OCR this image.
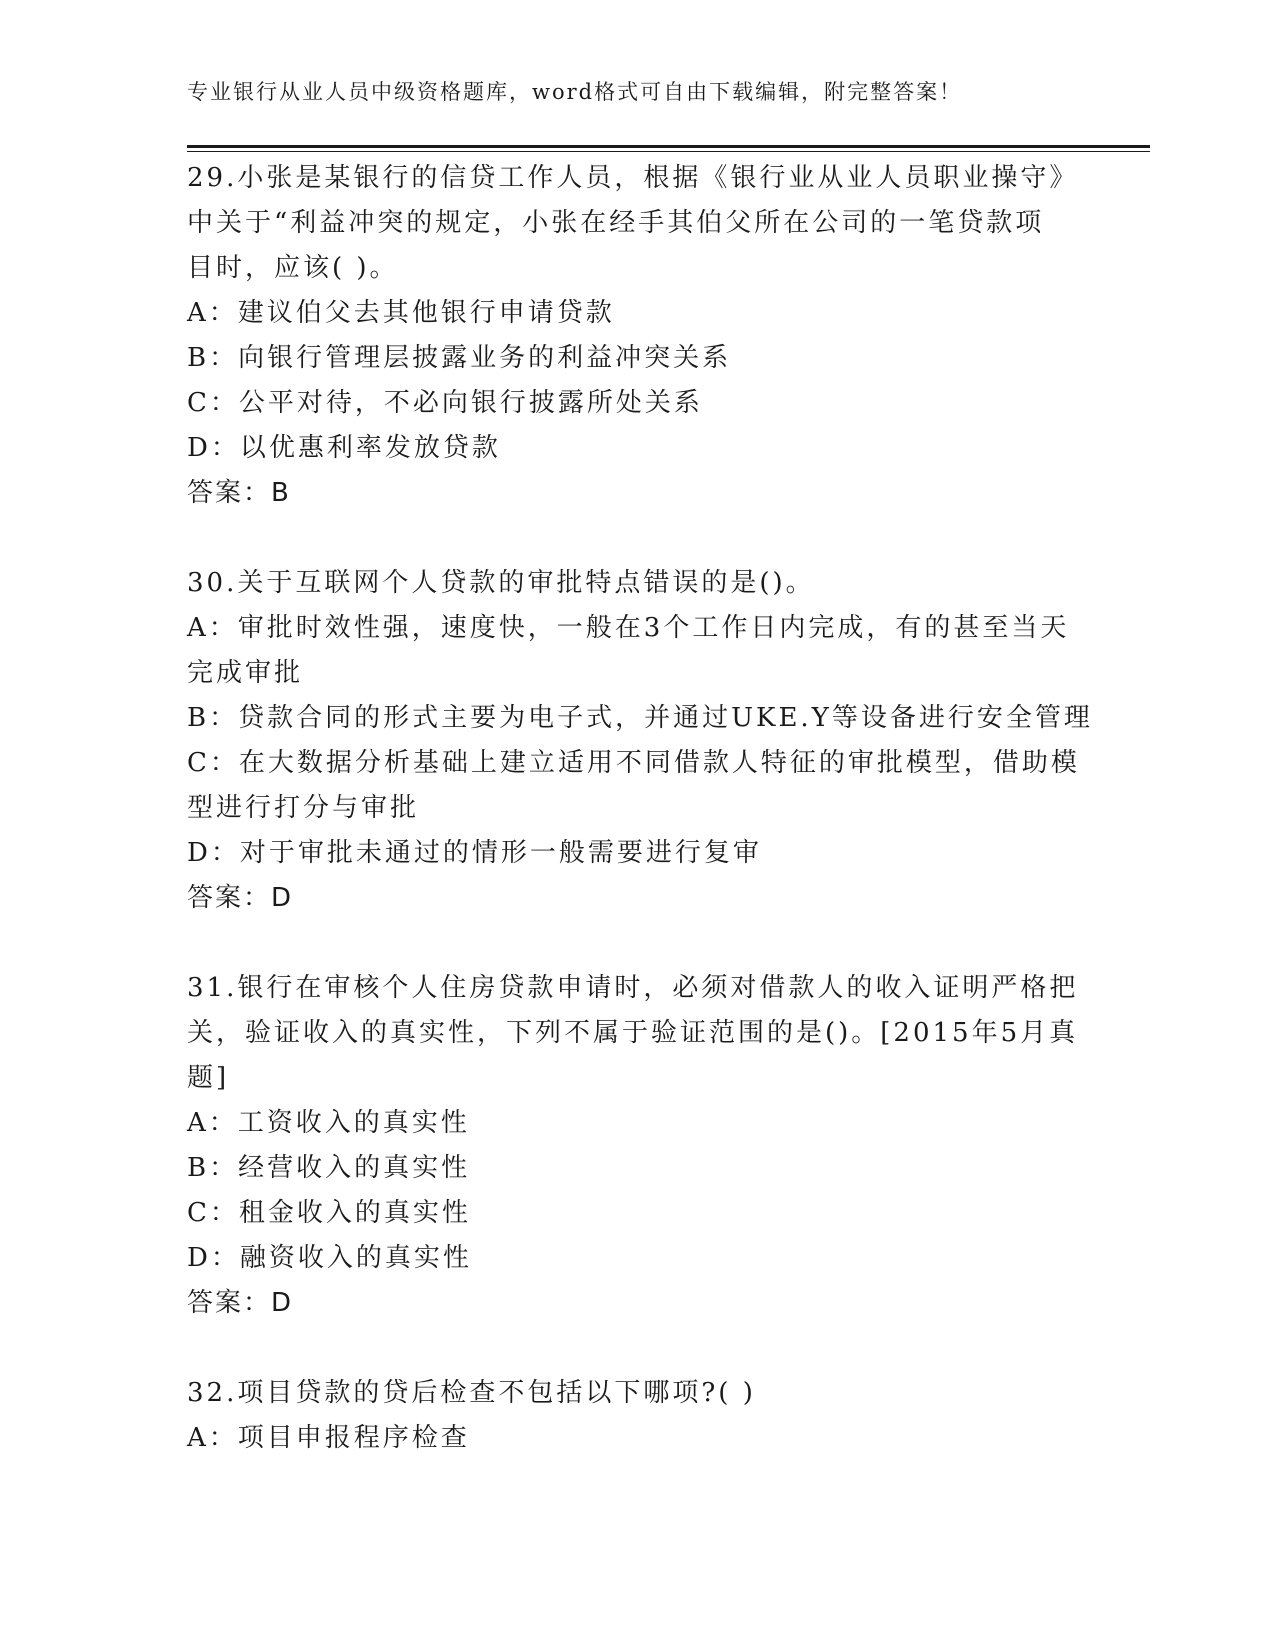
专业银行从业人员中级资格题库，word格式可自由下载编辑，附完整答案！
29.小张是某银行的信贷工作人员，根据《银行业从业人员职业操守》
中关于“利益冲突的规定，小张在经手其伯父所在公司的一笔贷款项
目时，应该( )。
A：建议伯父去其他银行申请贷款
B：向银行管理层披露业务的利益冲突关系
C：公平对待，不必向银行披露所处关系
D：以优惠利率发放贷款
答案：B
30.关于互联网个人贷款的审批特点错误的是()。
A：审批时效性强，速度快，一般在3个工作日内完成，有的甚至当天
完成审批
B：贷款合同的形式主要为电子式，并通过UKE.Y等设备进行安全管理
C：在大数据分析基础上建立适用不同借款人特征的审批模型，借助模
型进行打分与审批
D：对于审批未通过的情形一般需要进行复审
答案：D
31.银行在审核个人住房贷款申请时，必须对借款人的收入证明严格把
关，验证收入的真实性，下列不属于验证范围的是()。[2015年5月真
题]
A：工资收入的真实性
B：经营收入的真实性
C：租金收入的真实性
D：融资收入的真实性
答案：D
32.项目贷款的贷后检查不包括以下哪项?( )
A：项目申报程序检查
